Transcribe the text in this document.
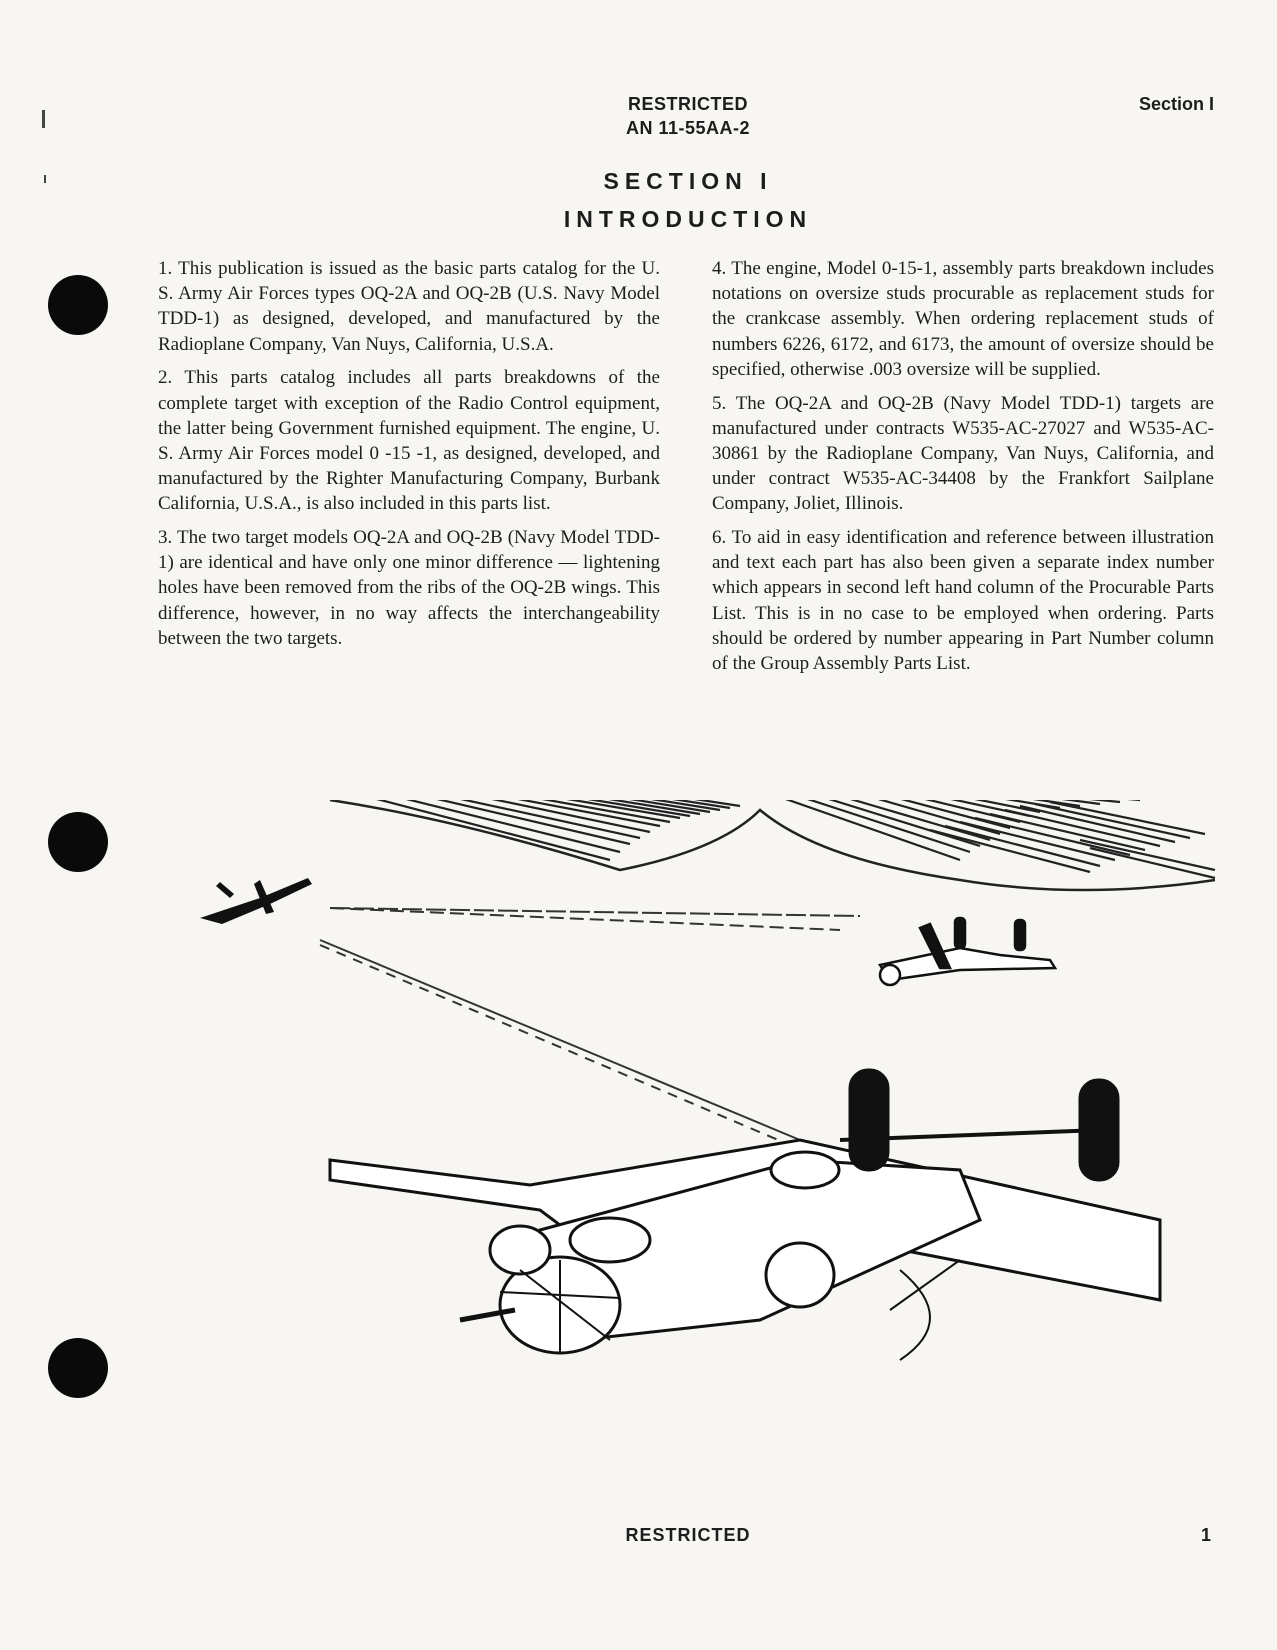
RESTRICTED
AN 11-55AA-2
Section I
SECTION I
INTRODUCTION

1. This publication is issued as the basic parts catalog for the U. S. Army Air Forces types OQ-2A and OQ-2B (U.S. Navy Model TDD-1) as designed, developed, and manufactured by the Radioplane Company, Van Nuys, California, U.S.A.

2. This parts catalog includes all parts breakdowns of the complete target with exception of the Radio Control equipment, the latter being Government furnished equipment. The engine, U. S. Army Air Forces model 0 -15 -1, as designed, developed, and manufactured by the Righter Manufacturing Company, Burbank California, U.S.A., is also included in this parts list.

3. The two target models OQ-2A and OQ-2B (Navy Model TDD-1) are identical and have only one minor difference — lightening holes have been removed from the ribs of the OQ-2B wings. This difference, however, in no way affects the interchangeability between the two targets.

4. The engine, Model 0-15-1, assembly parts breakdown includes notations on oversize studs procurable as replacement studs for the crankcase assembly. When ordering replacement studs of numbers 6226, 6172, and 6173, the amount of oversize should be specified, otherwise .003 oversize will be supplied.

5. The OQ-2A and OQ-2B (Navy Model TDD-1) targets are manufactured under contracts W535-AC-27027 and W535-AC-30861 by the Radioplane Company, Van Nuys, California, and under contract W535-AC-34408 by the Frankfort Sailplane Company, Joliet, Illinois.

6. To aid in easy identification and reference between illustration and text each part has also been given a separate index number which appears in second left hand column of the Procurable Parts List. This is in no case to be employed when ordering. Parts should be ordered by number appearing in Part Number column of the Group Assembly Parts List.

RESTRICTED	1
